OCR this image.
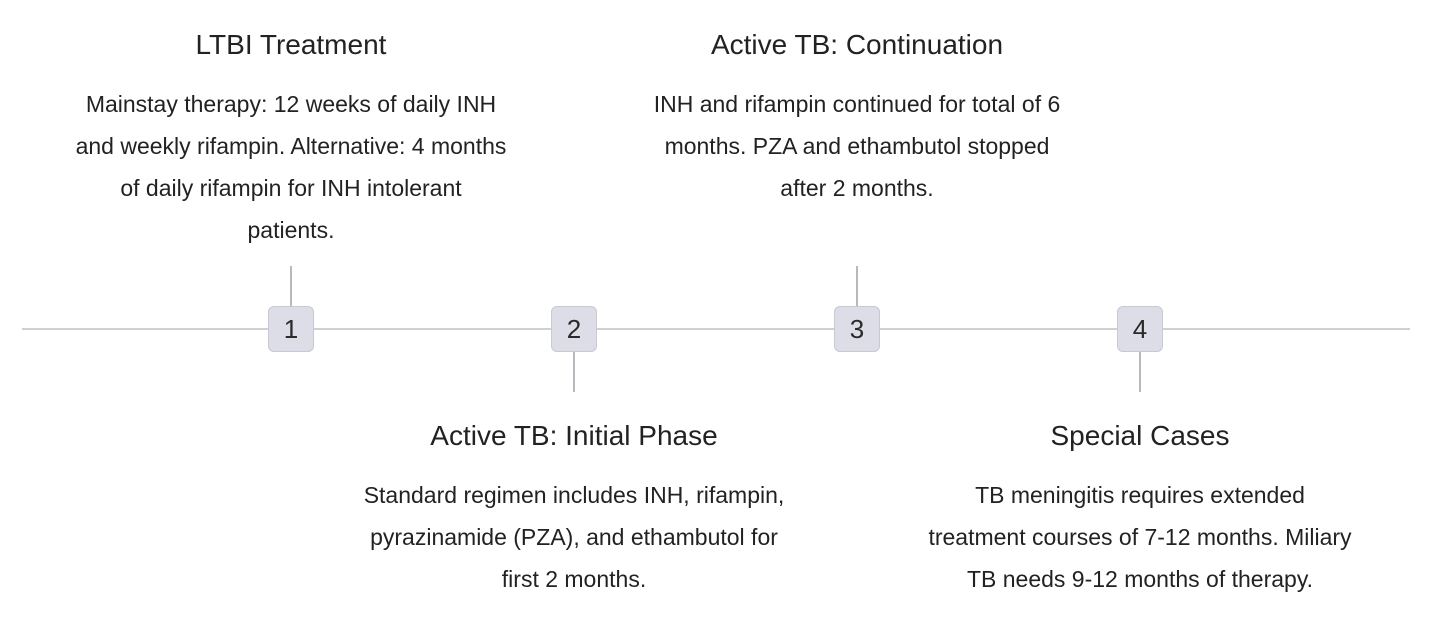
1	2	3	4
LTBI Treatment
Mainstay therapy: 12 weeks of daily INH
and weekly rifampin. Alternative: 4 months
of daily rifampin for INH intolerant
patients.
Active TB: Continuation
INH and rifampin continued for total of 6
months. PZA and ethambutol stopped
after 2 months.
Active TB: Initial Phase
Standard regimen includes INH, rifampin,
pyrazinamide (PZA), and ethambutol for
first 2 months.
Special Cases
TB meningitis requires extended
treatment courses of 7-12 months. Miliary
TB needs 9-12 months of therapy.
